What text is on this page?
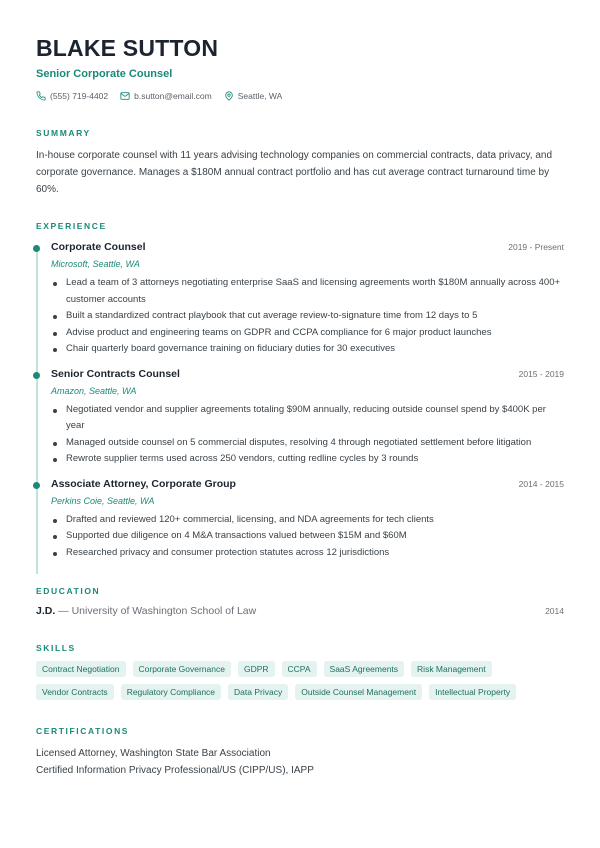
BLAKE SUTTON
Senior Corporate Counsel
(555) 719-4402	b.sutton@email.com	Seattle, WA
SUMMARY
In-house corporate counsel with 11 years advising technology companies on commercial contracts, data privacy, and corporate governance. Manages a $180M annual contract portfolio and has cut average contract turnaround time by 60%.
EXPERIENCE
Corporate Counsel	2019 - Present
Microsoft, Seattle, WA
Lead a team of 3 attorneys negotiating enterprise SaaS and licensing agreements worth $180M annually across 400+ customer accounts
Built a standardized contract playbook that cut average review-to-signature time from 12 days to 5
Advise product and engineering teams on GDPR and CCPA compliance for 6 major product launches
Chair quarterly board governance training on fiduciary duties for 30 executives
Senior Contracts Counsel	2015 - 2019
Amazon, Seattle, WA
Negotiated vendor and supplier agreements totaling $90M annually, reducing outside counsel spend by $400K per year
Managed outside counsel on 5 commercial disputes, resolving 4 through negotiated settlement before litigation
Rewrote supplier terms used across 250 vendors, cutting redline cycles by 3 rounds
Associate Attorney, Corporate Group	2014 - 2015
Perkins Coie, Seattle, WA
Drafted and reviewed 120+ commercial, licensing, and NDA agreements for tech clients
Supported due diligence on 4 M&A transactions valued between $15M and $60M
Researched privacy and consumer protection statutes across 12 jurisdictions
EDUCATION
J.D. — University of Washington School of Law	2014
SKILLS
Contract Negotiation	Corporate Governance	GDPR	CCPA	SaaS Agreements	Risk Management
Vendor Contracts	Regulatory Compliance	Data Privacy	Outside Counsel Management	Intellectual Property
CERTIFICATIONS
Licensed Attorney, Washington State Bar Association
Certified Information Privacy Professional/US (CIPP/US), IAPP
